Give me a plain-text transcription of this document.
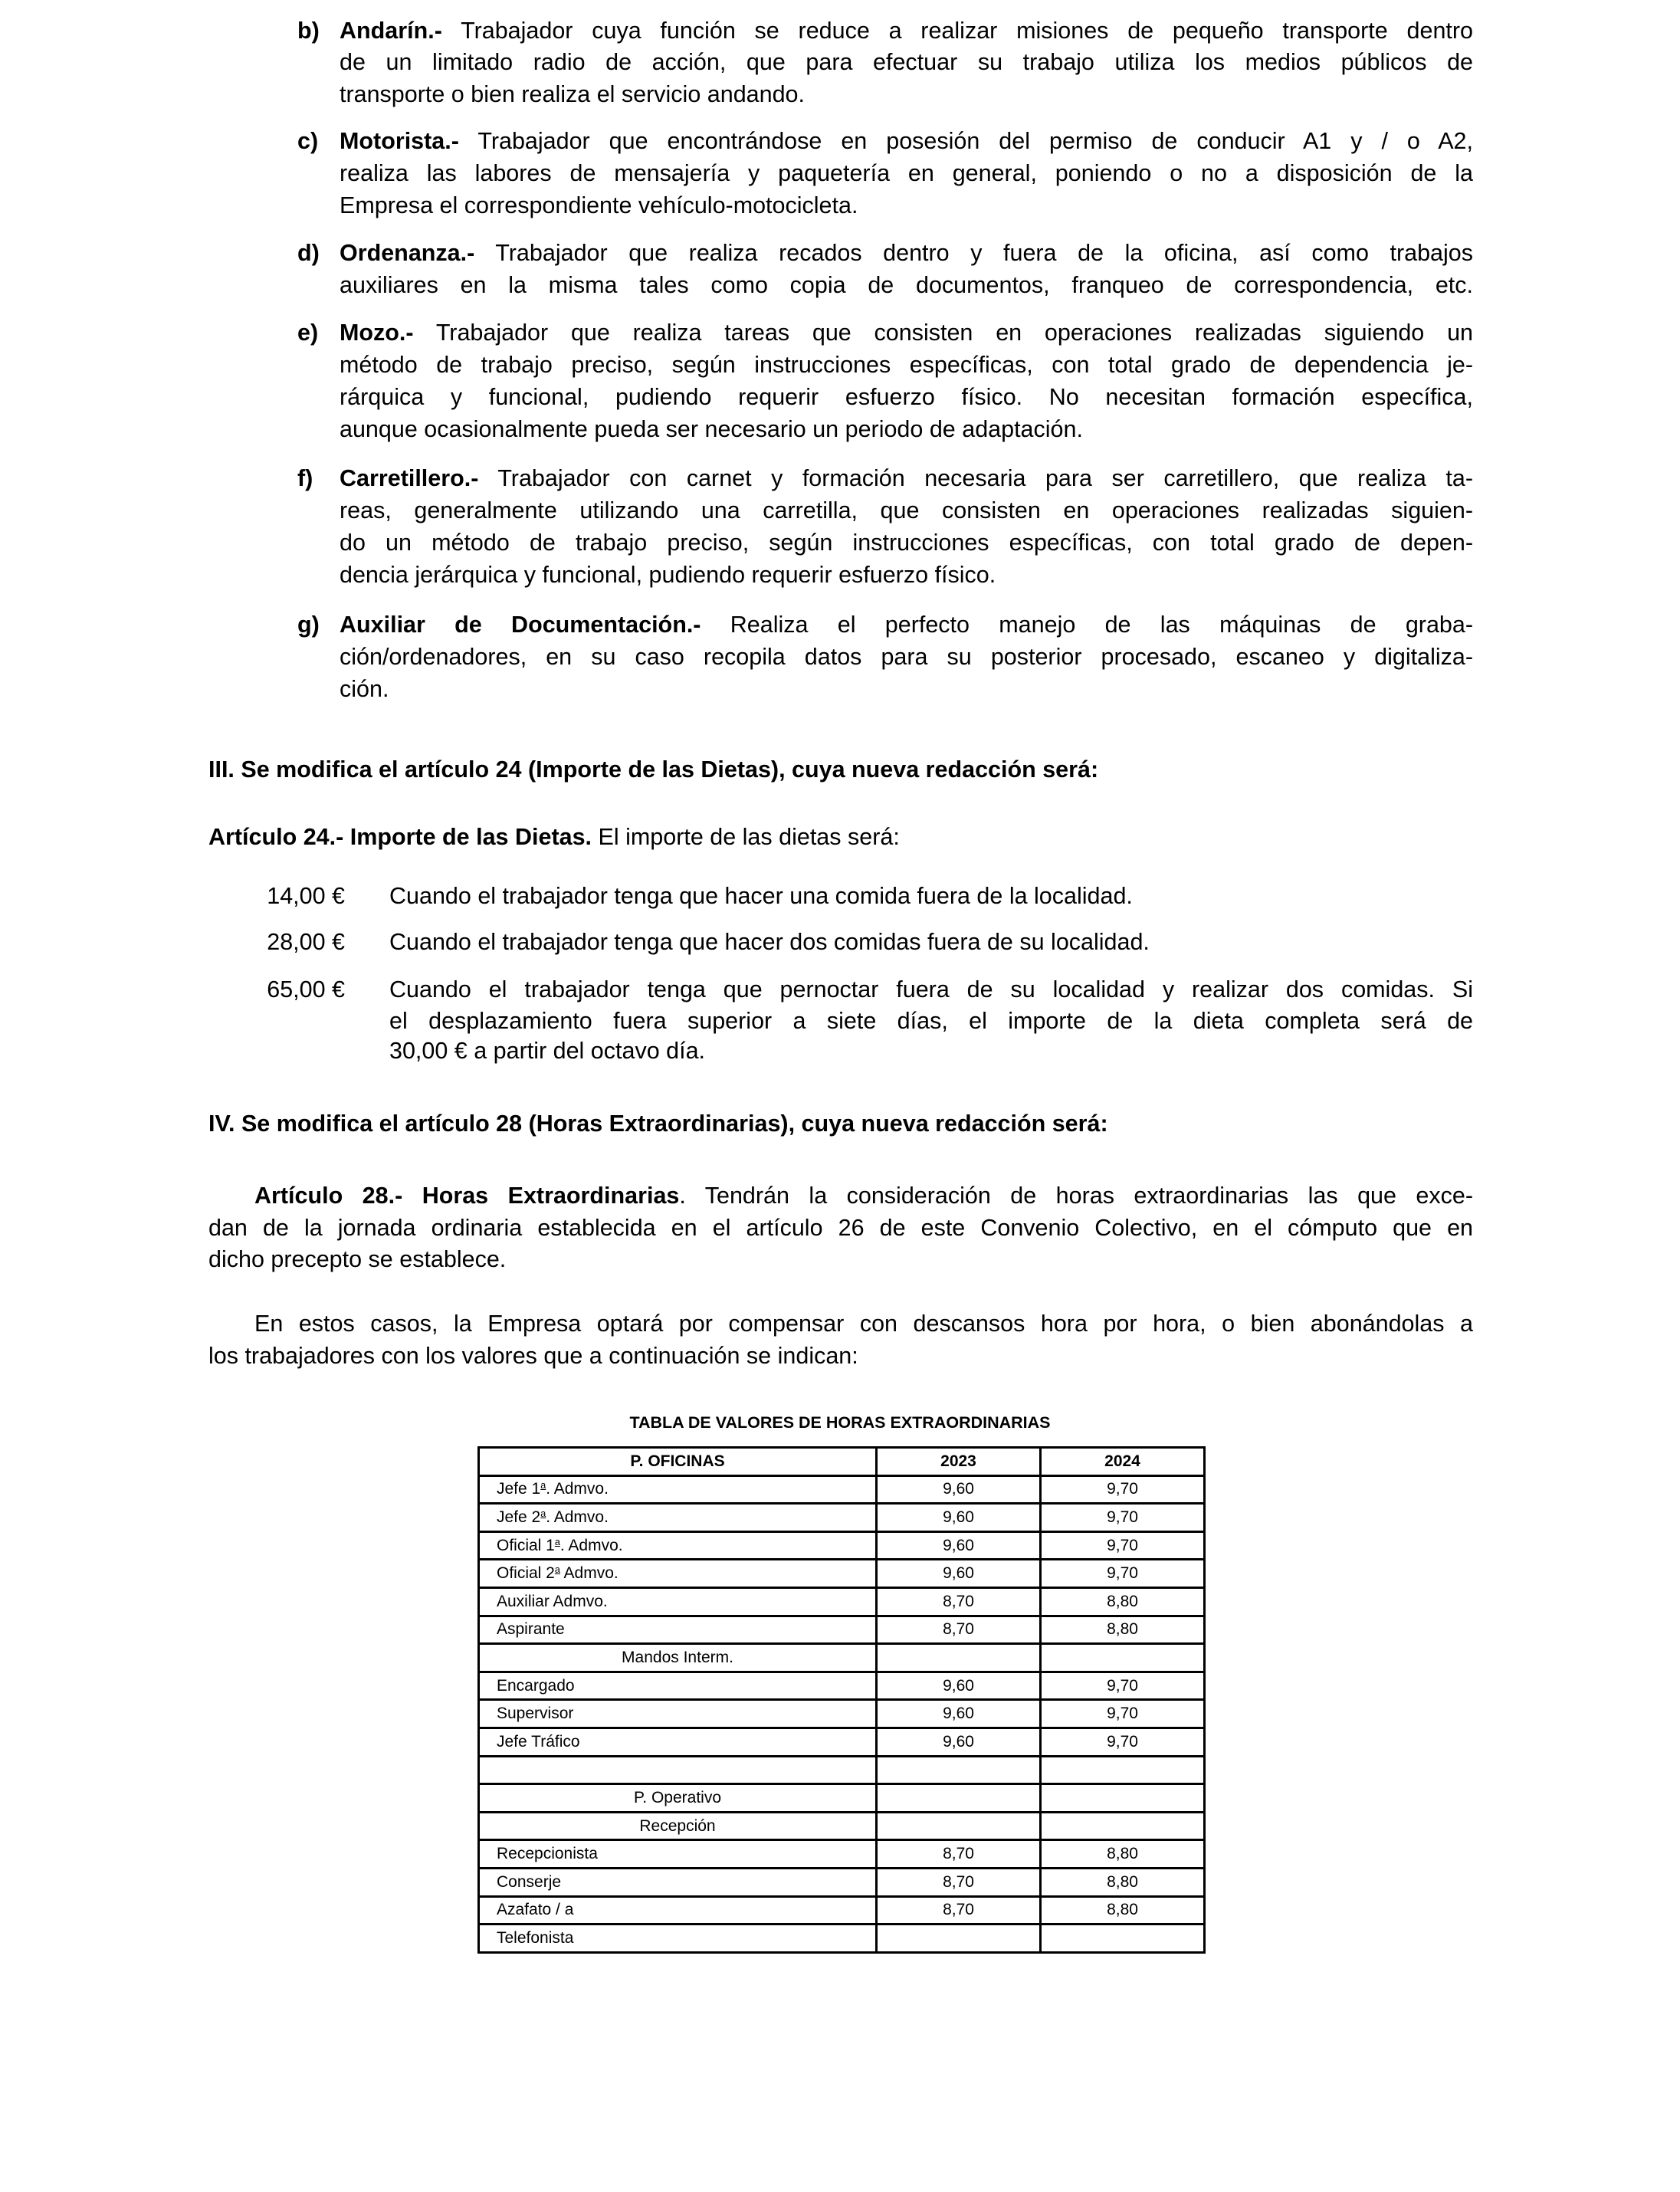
b) Andarín.- Trabajador cuya función se reduce a realizar misiones de pequeño transporte dentro
de un limitado radio de acción, que para efectuar su trabajo utiliza los medios públicos de
transporte o bien realiza el servicio andando.
c) Motorista.- Trabajador que encontrándose en posesión del permiso de conducir A1 y / o A2,
realiza las labores de mensajería y paquetería en general, poniendo o no a disposición de la
Empresa el correspondiente vehículo-motocicleta.
d) Ordenanza.- Trabajador que realiza recados dentro y fuera de la oficina, así como trabajos
auxiliares en la misma tales como copia de documentos, franqueo de correspondencia, etc.
e) Mozo.- Trabajador que realiza tareas que consisten en operaciones realizadas siguiendo un
método de trabajo preciso, según instrucciones específicas, con total grado de dependencia je-
rárquica y funcional, pudiendo requerir esfuerzo físico. No necesitan formación específica,
aunque ocasionalmente pueda ser necesario un periodo de adaptación.
f) Carretillero.- Trabajador con carnet y formación necesaria para ser carretillero, que realiza ta-
reas, generalmente utilizando una carretilla, que consisten en operaciones realizadas siguien-
do un método de trabajo preciso, según instrucciones específicas, con total grado de depen-
dencia jerárquica y funcional, pudiendo requerir esfuerzo físico.
g) Auxiliar de Documentación.- Realiza el perfecto manejo de las máquinas de graba-
ción/ordenadores, en su caso recopila datos para su posterior procesado, escaneo y digitaliza-
ción.
III. Se modifica el artículo 24 (Importe de las Dietas), cuya nueva redacción será:
Artículo 24.- Importe de las Dietas. El importe de las dietas será:
14,00 € Cuando el trabajador tenga que hacer una comida fuera de la localidad.
28,00 € Cuando el trabajador tenga que hacer dos comidas fuera de su localidad.
65,00 € Cuando el trabajador tenga que pernoctar fuera de su localidad y realizar dos comidas. Si
el desplazamiento fuera superior a siete días, el importe de la dieta completa será de
30,00 € a partir del octavo día.
IV. Se modifica el artículo 28 (Horas Extraordinarias), cuya nueva redacción será:
Artículo 28.- Horas Extraordinarias. Tendrán la consideración de horas extraordinarias las que exce-
dan de la jornada ordinaria establecida en el artículo 26 de este Convenio Colectivo, en el cómputo que en
dicho precepto se establece.
En estos casos, la Empresa optará por compensar con descansos hora por hora, o bien abonándolas a
los trabajadores con los valores que a continuación se indican:
TABLA DE VALORES DE HORAS EXTRAORDINARIAS
P. OFICINAS	2023	2024
Jefe 1$^a$. Admvo.	9,60	9,70
Jefe 2$^a$. Admvo.	9,60	9,70
Oficial 1$^a$. Admvo.	9,60	9,70
Oficial 2$^a$ Admvo.	9,60	9,70
Auxiliar Admvo.	8,70	8,80
Aspirante	8,70	8,80
Mandos Interm.		
Encargado	9,60	9,70
Supervisor	9,60	9,70
Jefe Tráfico	9,60	9,70

P. Operativo		
Recepción		
Recepcionista	8,70	8,80
Conserje	8,70	8,80
Azafato / a	8,70	8,80
Telefonista		
